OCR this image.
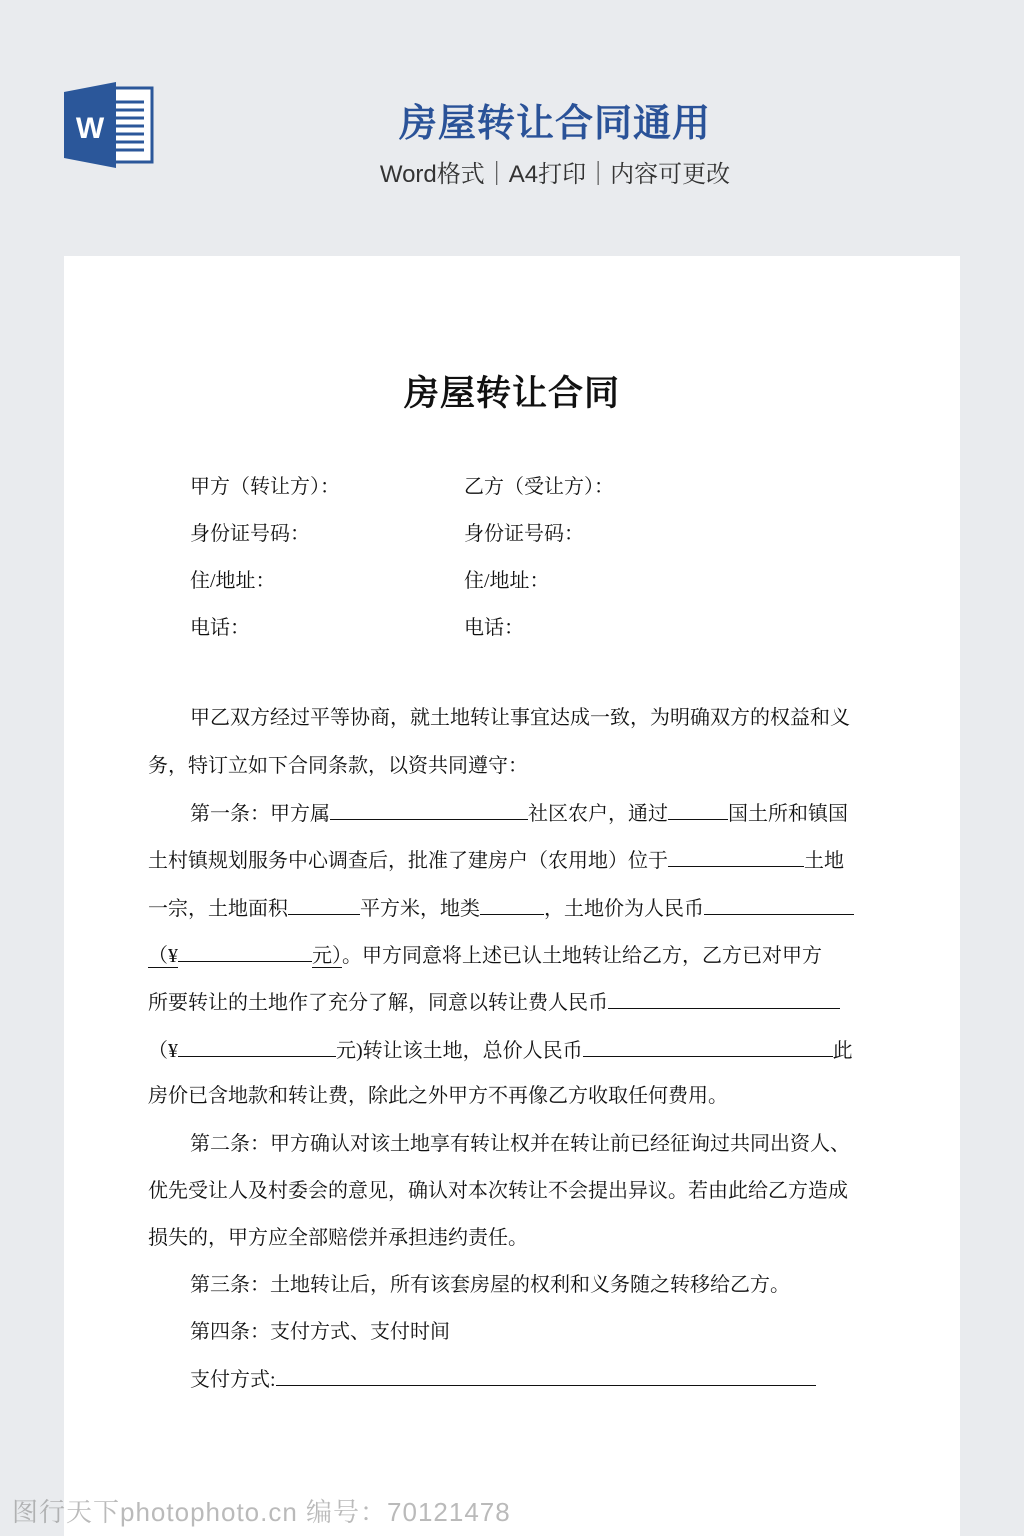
W	房屋转让合同通用
Word格式｜A4打印｜内容可更改
房屋转让合同
甲方（转让方）：	乙方（受让方）：
身份证号码：	身份证号码：
住/地址：	住/地址：
电话：	电话：
甲乙双方经过平等协商，就土地转让事宜达成一致，为明确双方的权益和义
务，特订立如下合同条款，以资共同遵守：
第一条：甲方属	社区农户，通过	国土所和镇国
土村镇规划服务中心调查后，批准了建房户（农用地）位于	土地
一宗，土地面积	平方米，地类	，土地价为人民币
（¥	元）。甲方同意将上述已认土地转让给乙方，乙方已对甲方
所要转让的土地作了充分了解，同意以转让费人民币
（¥	元)转让该土地，总价人民币	此
房价已含地款和转让费，除此之外甲方不再像乙方收取任何费用。
第二条：甲方确认对该土地享有转让权并在转让前已经征询过共同出资人、
优先受让人及村委会的意见，确认对本次转让不会提出异议。若由此给乙方造成
损失的，甲方应全部赔偿并承担违约责任。
第三条：土地转让后，所有该套房屋的权利和义务随之转移给乙方。
第四条：支付方式、支付时间
支付方式:
图行天下photophoto.cn 编号：70121478
